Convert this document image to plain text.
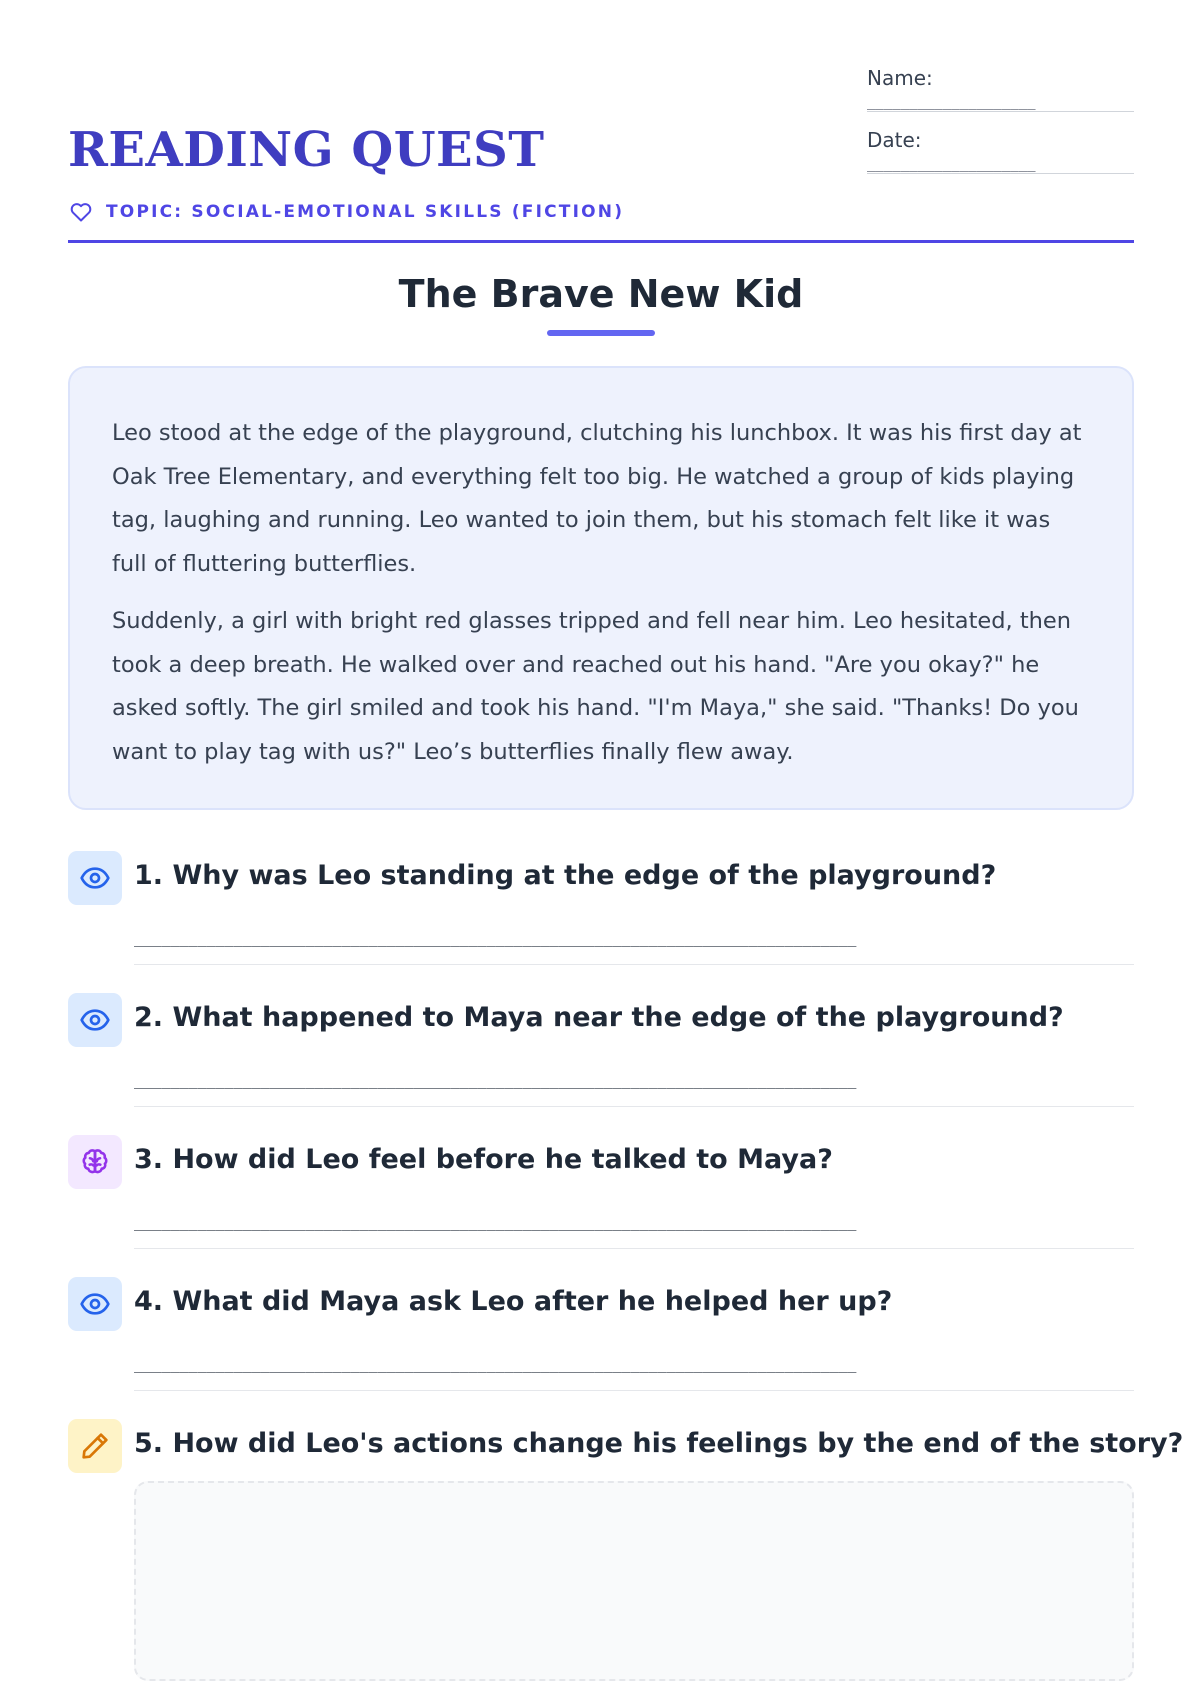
READING QUEST
TOPIC: SOCIAL-EMOTIONAL SKILLS (FICTION)
Name:
____________________
Date:
____________________
The Brave New Kid

Leo stood at the edge of the playground, clutching his lunchbox. It was his first day at Oak Tree Elementary, and everything felt too big. He watched a group of kids playing tag, laughing and running. Leo wanted to join them, but his stomach felt like it was full of fluttering butterflies.

Suddenly, a girl with bright red glasses tripped and fell near him. Leo hesitated, then took a deep breath. He walked over and reached out his hand. "Are you okay?" he asked softly. The girl smiled and took his hand. "I'm Maya," she said. "Thanks! Do you want to play tag with us?" Leo’s butterflies finally flew away.

1. Why was Leo standing at the edge of the playground?
________________________________________________________________________________
2. What happened to Maya near the edge of the playground?
________________________________________________________________________________
3. How did Leo feel before he talked to Maya?
________________________________________________________________________________
4. What did Maya ask Leo after he helped her up?
________________________________________________________________________________
5. How did Leo's actions change his feelings by the end of the story?
